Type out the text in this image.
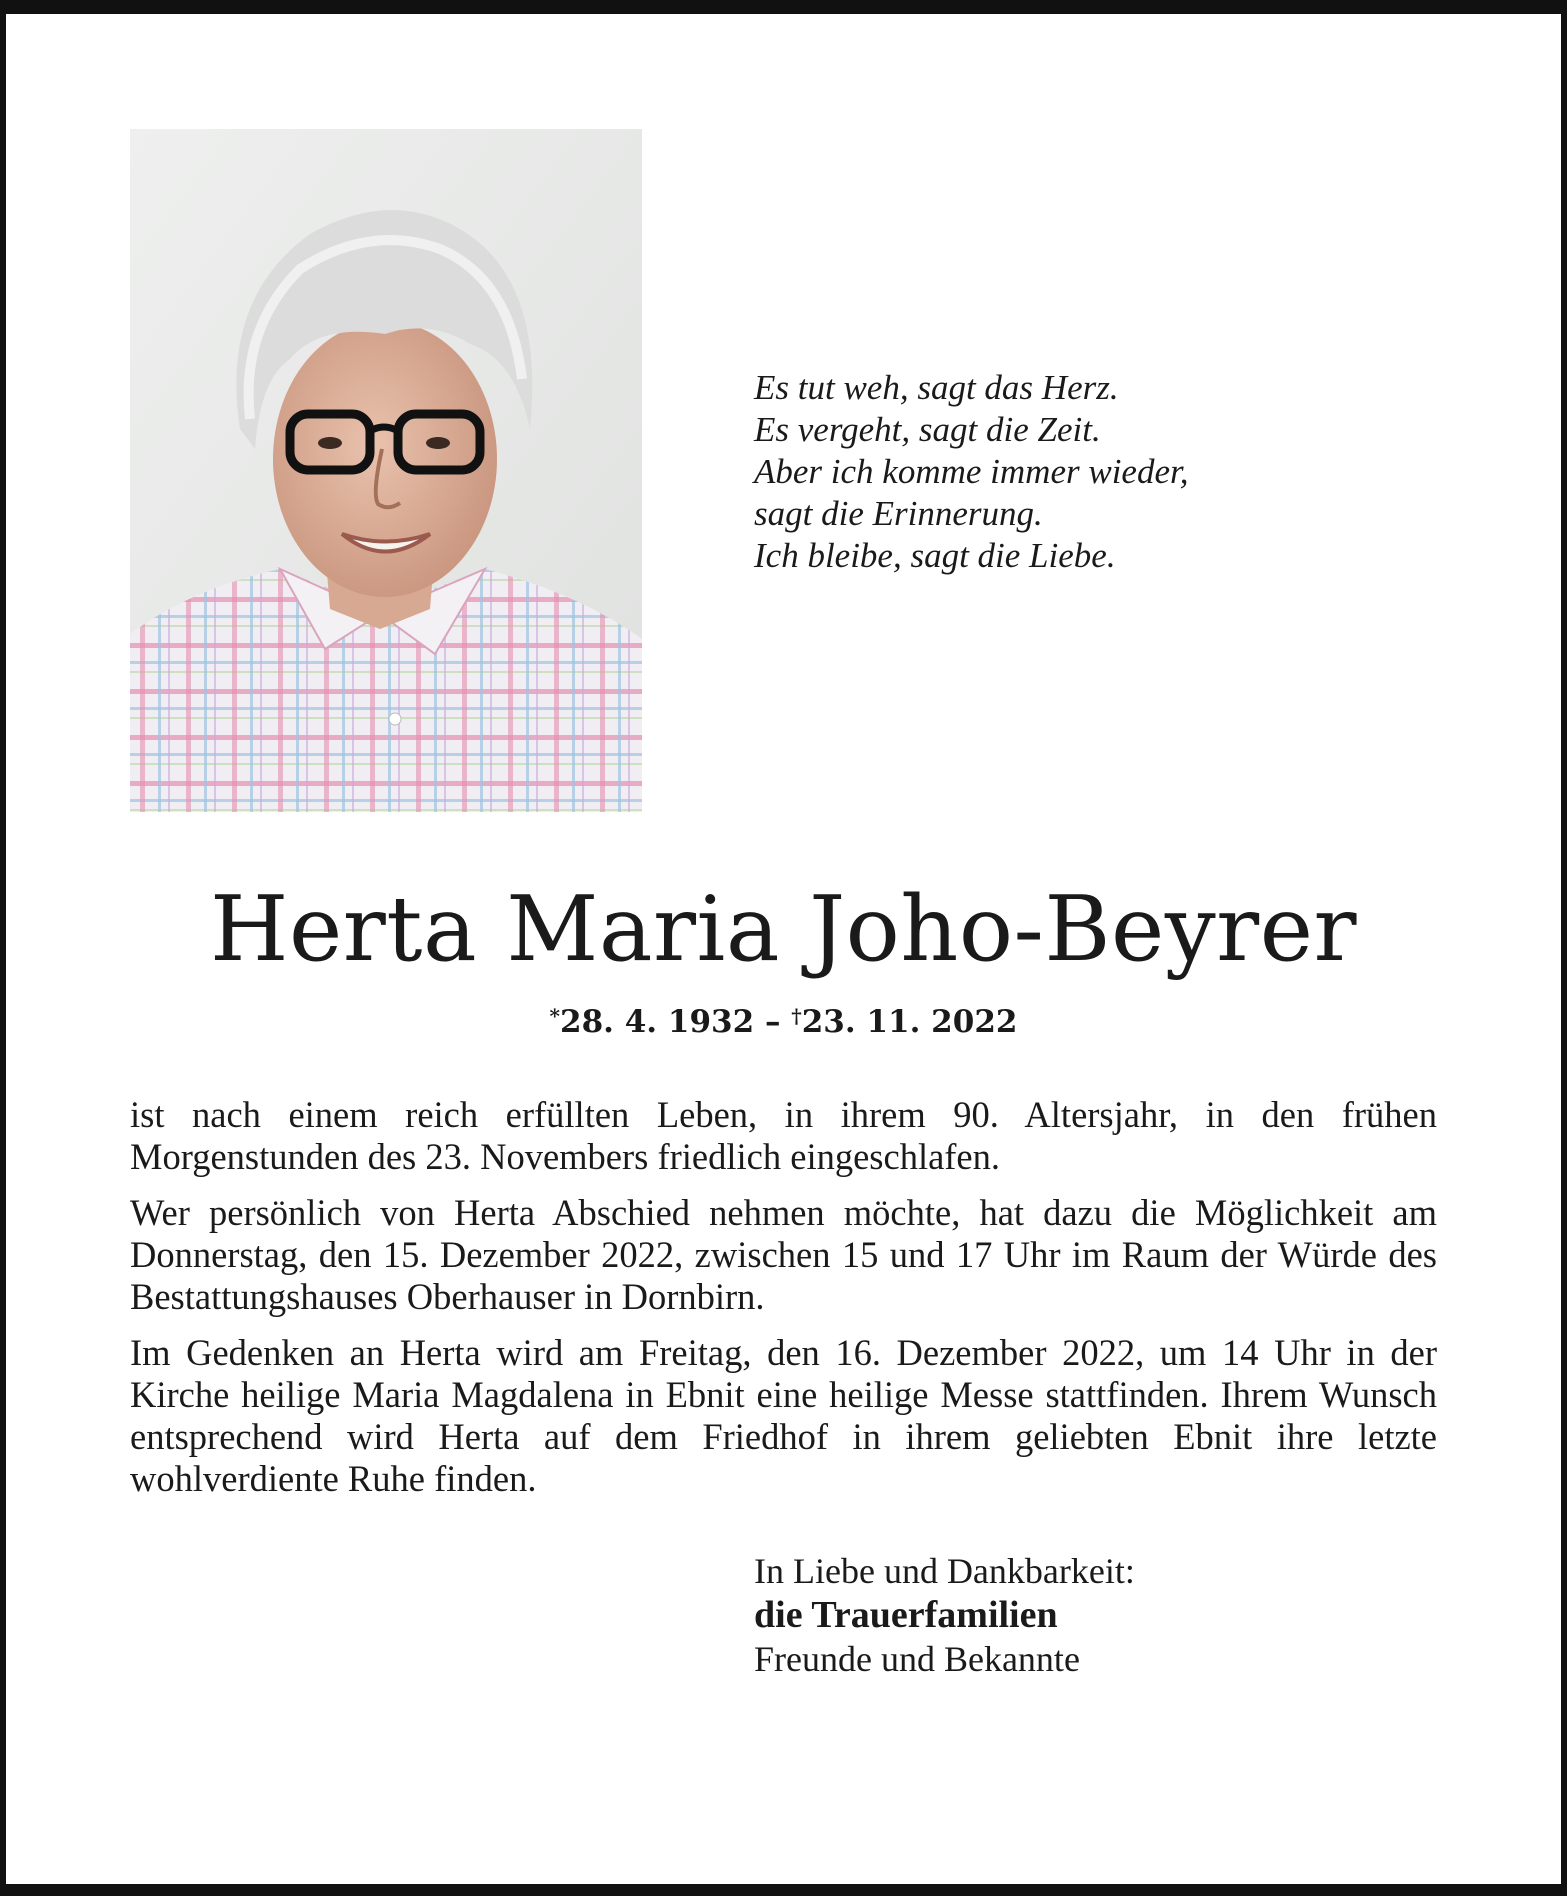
Es tut weh, sagt das Herz.
Es vergeht, sagt die Zeit.
Aber ich komme immer wieder,
sagt die Erinnerung.
Ich bleibe, sagt die Liebe.
Herta Maria Joho-Beyrer
*28. 4. 1932 – †23. 11. 2022

ist nach einem reich erfüllten Leben, in ihrem 90. Altersjahr, in den frühen Morgenstunden des 23. Novembers friedlich eingeschlafen.

Wer persönlich von Herta Abschied nehmen möchte, hat dazu die Möglichkeit am Donnerstag, den 15. Dezember 2022, zwischen 15 und 17 Uhr im Raum der Würde des Bestattungshauses Oberhauser in Dornbirn.

Im Gedenken an Herta wird am Freitag, den 16. Dezember 2022, um 14 Uhr in der Kirche heilige Maria Magdalena in Ebnit eine heilige Messe stattfinden. Ihrem Wunsch entsprechend wird Herta auf dem Friedhof in ihrem geliebten Ebnit ihre letzte wohlverdiente Ruhe finden.

In Liebe und Dankbarkeit:
die Trauerfamilien
Freunde und Bekannte
